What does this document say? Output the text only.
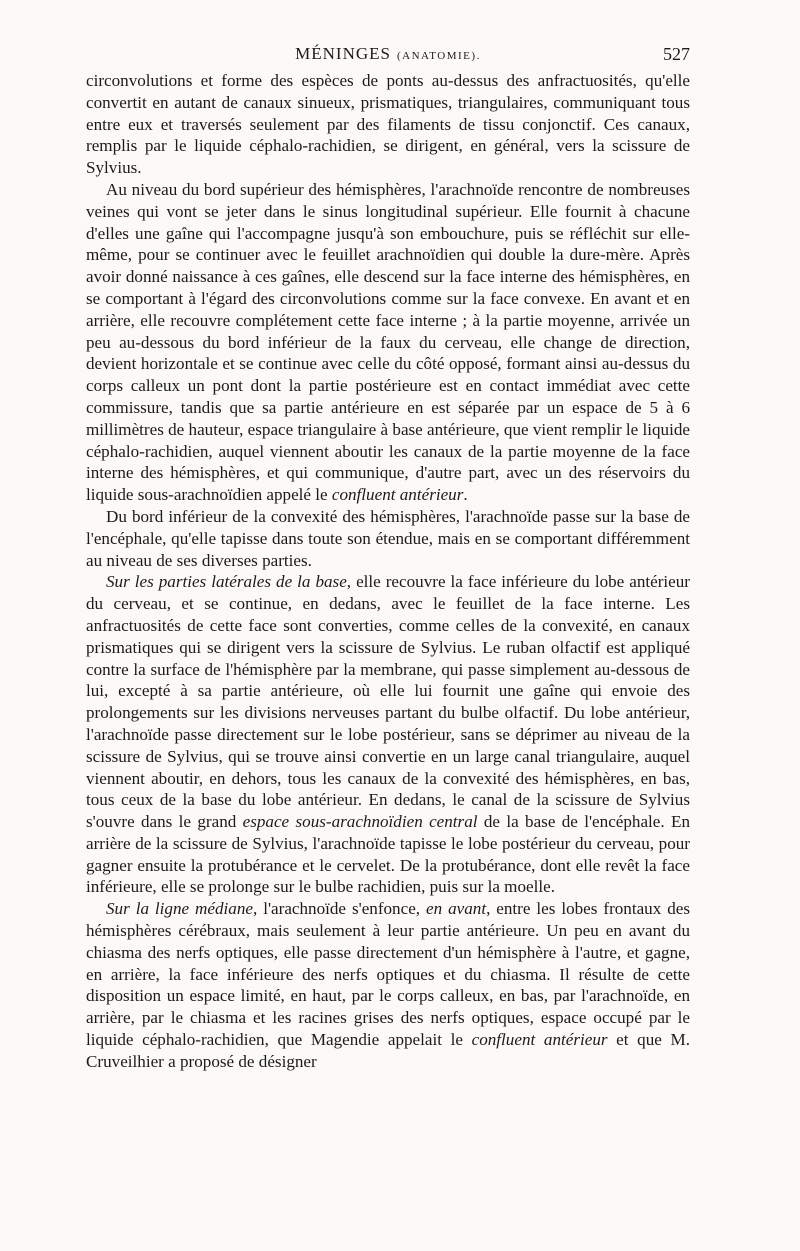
MÉNINGES (ANATOMIE).	527

circonvolutions et forme des espèces de ponts au-dessus des anfractuosités, qu'elle convertit en autant de canaux sinueux, prismatiques, triangulaires, communiquant tous entre eux et traversés seulement par des filaments de tissu conjonctif. Ces canaux, remplis par le liquide céphalo-rachidien, se dirigent, en général, vers la scissure de Sylvius.

Au niveau du bord supérieur des hémisphères, l'arachnoïde rencontre de nombreuses veines qui vont se jeter dans le sinus longitudinal supérieur. Elle fournit à chacune d'elles une gaîne qui l'accompagne jusqu'à son embouchure, puis se réfléchit sur elle-même, pour se continuer avec le feuillet arachnoïdien qui double la dure-mère. Après avoir donné naissance à ces gaînes, elle descend sur la face interne des hémisphères, en se comportant à l'égard des circonvolutions comme sur la face convexe. En avant et en arrière, elle recouvre complétement cette face interne ; à la partie moyenne, arrivée un peu au-dessous du bord inférieur de la faux du cerveau, elle change de direction, devient horizontale et se continue avec celle du côté opposé, formant ainsi au-dessus du corps calleux un pont dont la partie postérieure est en contact immédiat avec cette commissure, tandis que sa partie antérieure en est séparée par un espace de 5 à 6 millimètres de hauteur, espace triangulaire à base antérieure, que vient remplir le liquide céphalo-rachidien, auquel viennent aboutir les canaux de la partie moyenne de la face interne des hémisphères, et qui communique, d'autre part, avec un des réservoirs du liquide sous-arachnoïdien appelé le confluent antérieur.

Du bord inférieur de la convexité des hémisphères, l'arachnoïde passe sur la base de l'encéphale, qu'elle tapisse dans toute son étendue, mais en se comportant différemment au niveau de ses diverses parties.

Sur les parties latérales de la base, elle recouvre la face inférieure du lobe antérieur du cerveau, et se continue, en dedans, avec le feuillet de la face interne. Les anfractuosités de cette face sont converties, comme celles de la convexité, en canaux prismatiques qui se dirigent vers la scissure de Sylvius. Le ruban olfactif est appliqué contre la surface de l'hémisphère par la membrane, qui passe simplement au-dessous de lui, excepté à sa partie antérieure, où elle lui fournit une gaîne qui envoie des prolongements sur les divisions nerveuses partant du bulbe olfactif. Du lobe antérieur, l'arachnoïde passe directement sur le lobe postérieur, sans se déprimer au niveau de la scissure de Sylvius, qui se trouve ainsi convertie en un large canal triangulaire, auquel viennent aboutir, en dehors, tous les canaux de la convexité des hémisphères, en bas, tous ceux de la base du lobe antérieur. En dedans, le canal de la scissure de Sylvius s'ouvre dans le grand espace sous-arachnoïdien central de la base de l'encéphale. En arrière de la scissure de Sylvius, l'arachnoïde tapisse le lobe postérieur du cerveau, pour gagner ensuite la protubérance et le cervelet. De la protubérance, dont elle revêt la face inférieure, elle se prolonge sur le bulbe rachidien, puis sur la moelle.

Sur la ligne médiane, l'arachnoïde s'enfonce, en avant, entre les lobes frontaux des hémisphères cérébraux, mais seulement à leur partie antérieure. Un peu en avant du chiasma des nerfs optiques, elle passe directement d'un hémisphère à l'autre, et gagne, en arrière, la face inférieure des nerfs optiques et du chiasma. Il résulte de cette disposition un espace limité, en haut, par le corps calleux, en bas, par l'arachnoïde, en arrière, par le chiasma et les racines grises des nerfs optiques, espace occupé par le liquide céphalo-rachidien, que Magendie appelait le confluent antérieur et que M. Cruveilhier a proposé de désigner
